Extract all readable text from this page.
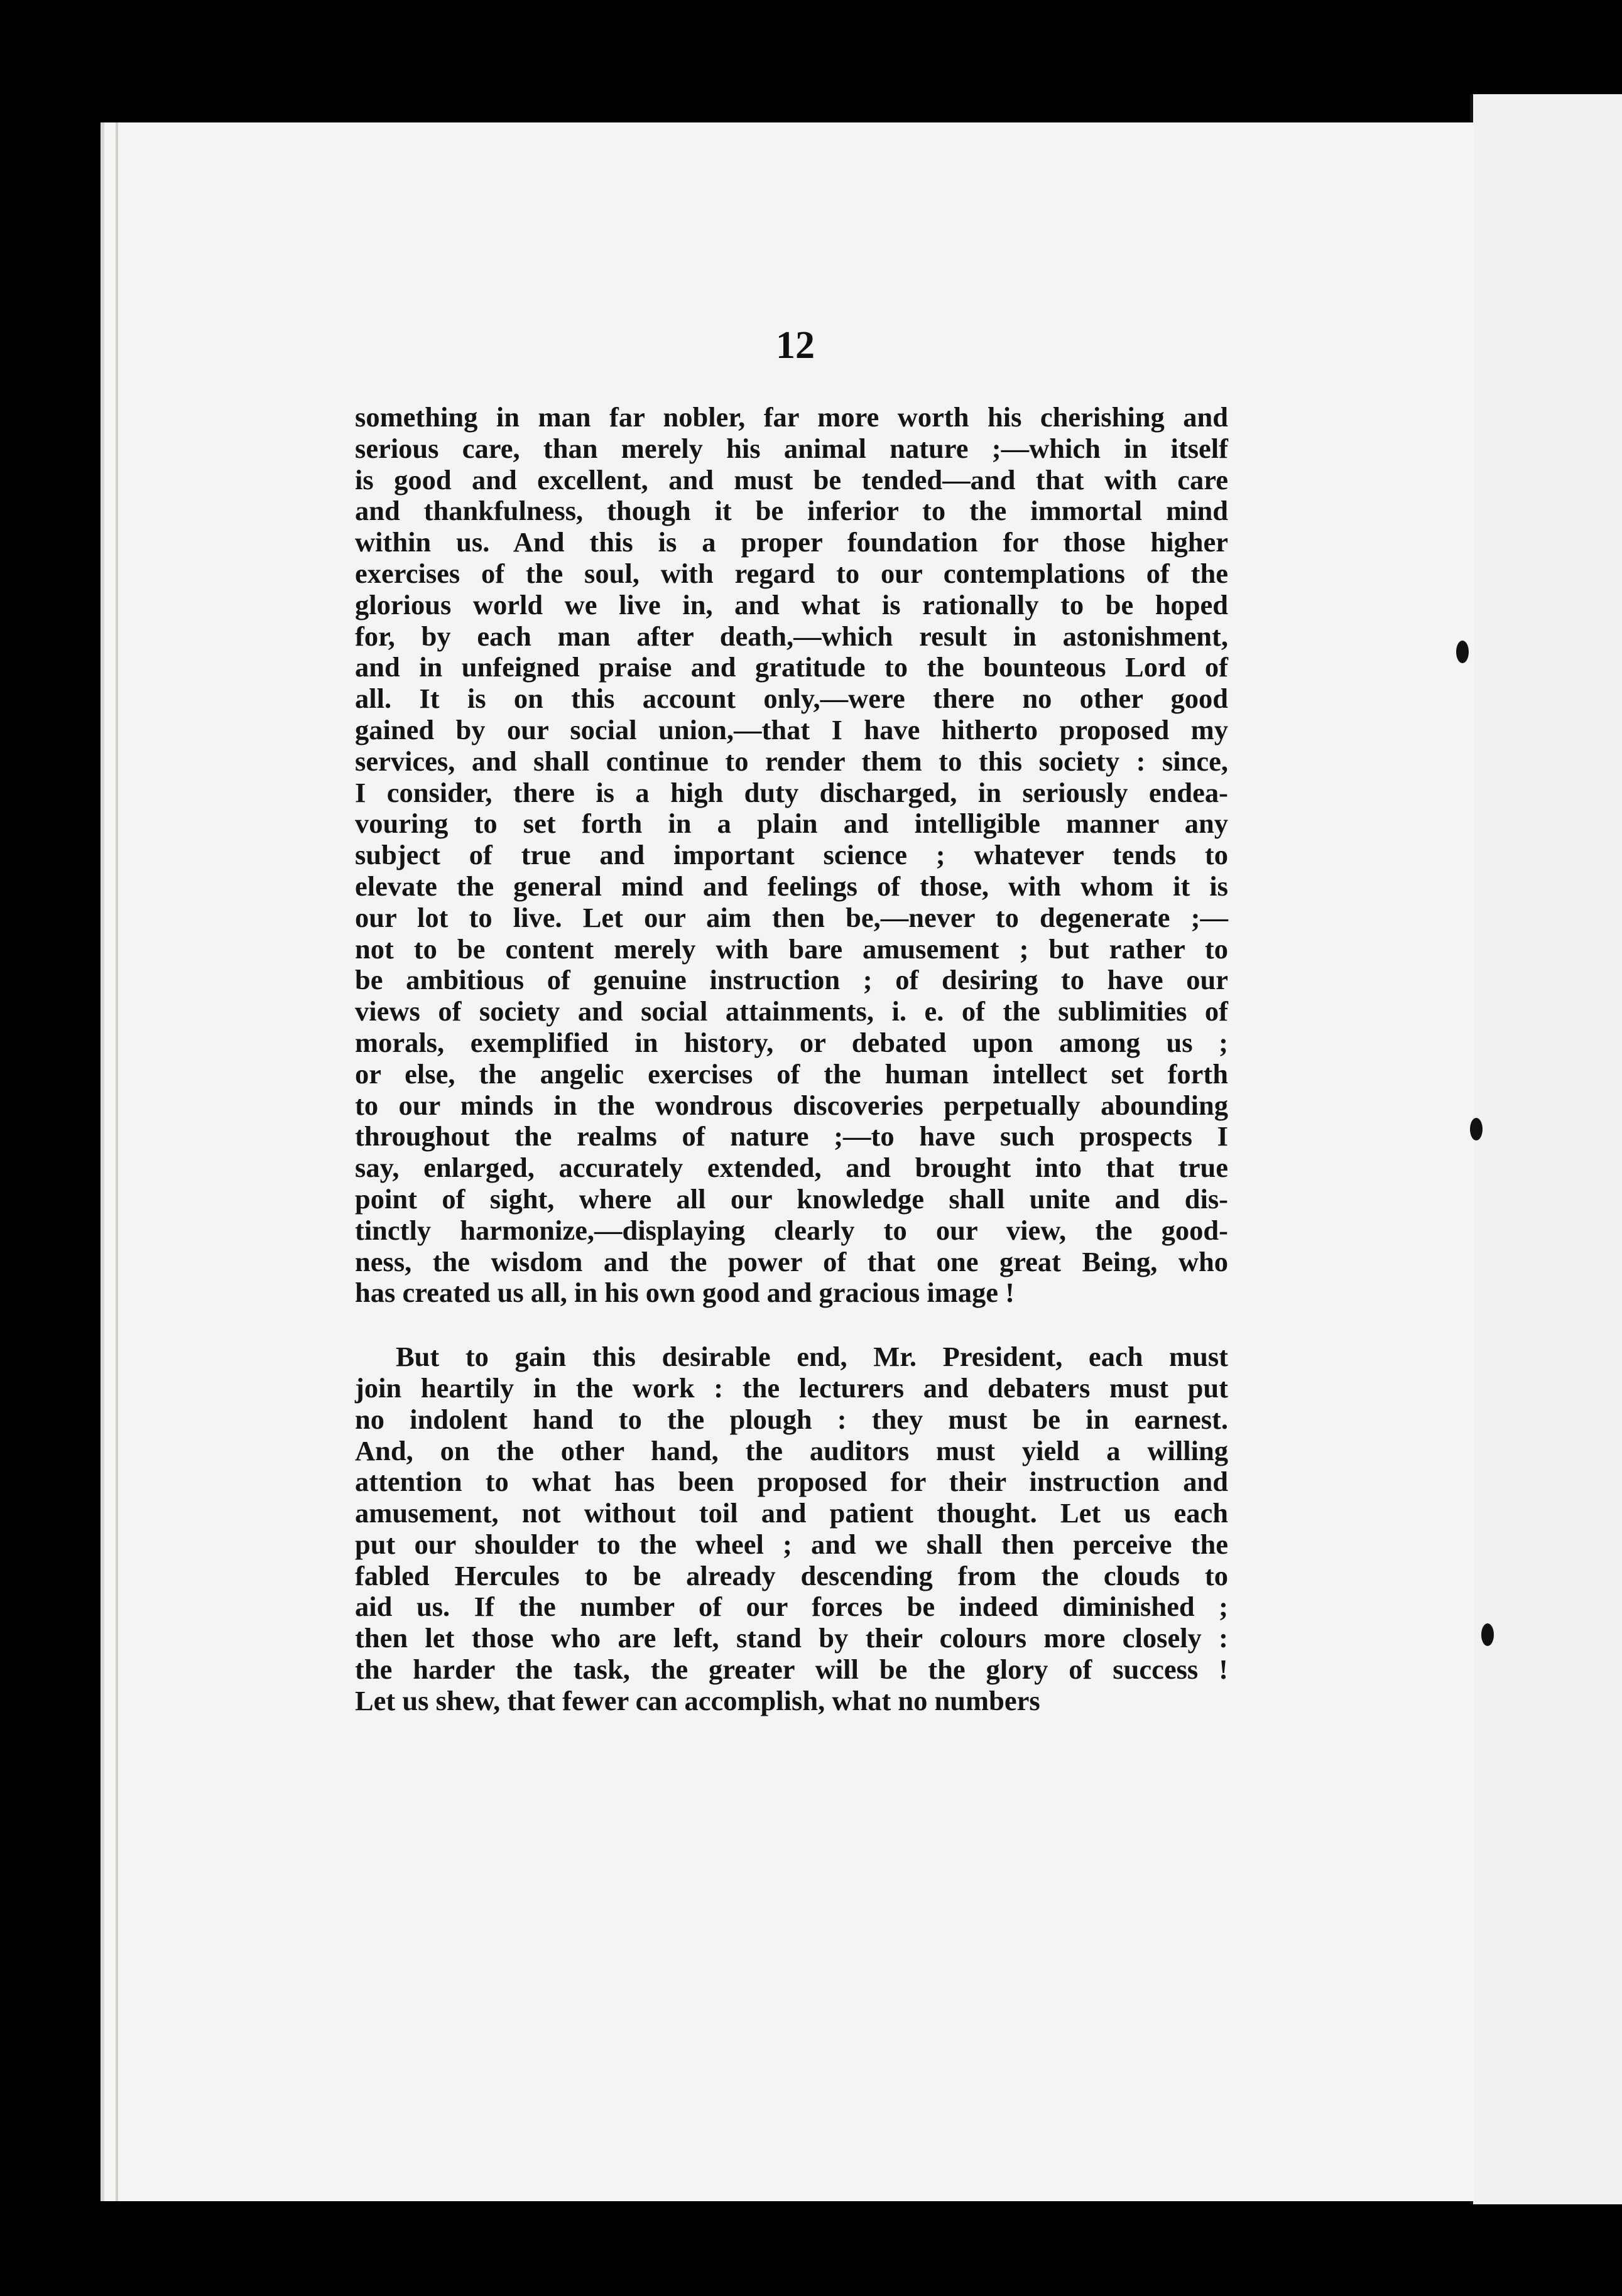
12
something in man far nobler, far more worth his cherishing and
serious care, than merely his animal nature ;—which in itself
is good and excellent, and must be tended—and that with care
and thankfulness, though it be inferior to the immortal mind
within us. And this is a proper foundation for those higher
exercises of the soul, with regard to our contemplations of the
glorious world we live in, and what is rationally to be hoped
for, by each man after death,—which result in astonishment,
and in unfeigned praise and gratitude to the bounteous Lord of
all. It is on this account only,—were there no other good
gained by our social union,—that I have hitherto proposed my
services, and shall continue to render them to this society : since,
I consider, there is a high duty discharged, in seriously endea-
vouring to set forth in a plain and intelligible manner any
subject of true and important science ; whatever tends to
elevate the general mind and feelings of those, with whom it is
our lot to live. Let our aim then be,—never to degenerate ;—
not to be content merely with bare amusement ; but rather to
be ambitious of genuine instruction ; of desiring to have our
views of society and social attainments, i. e. of the sublimities of
morals, exemplified in history, or debated upon among us ;
or else, the angelic exercises of the human intellect set forth
to our minds in the wondrous discoveries perpetually abounding
throughout the realms of nature ;—to have such prospects I
say, enlarged, accurately extended, and brought into that true
point of sight, where all our knowledge shall unite and dis-
tinctly harmonize,—displaying clearly to our view, the good-
ness, the wisdom and the power of that one great Being, who
has created us all, in his own good and gracious image !
But to gain this desirable end, Mr. President, each must
join heartily in the work : the lecturers and debaters must put
no indolent hand to the plough : they must be in earnest.
And, on the other hand, the auditors must yield a willing
attention to what has been proposed for their instruction and
amusement, not without toil and patient thought. Let us each
put our shoulder to the wheel ; and we shall then perceive the
fabled Hercules to be already descending from the clouds to
aid us. If the number of our forces be indeed diminished ;
then let those who are left, stand by their colours more closely :
the harder the task, the greater will be the glory of success !
Let us shew, that fewer can accomplish, what no numbers
